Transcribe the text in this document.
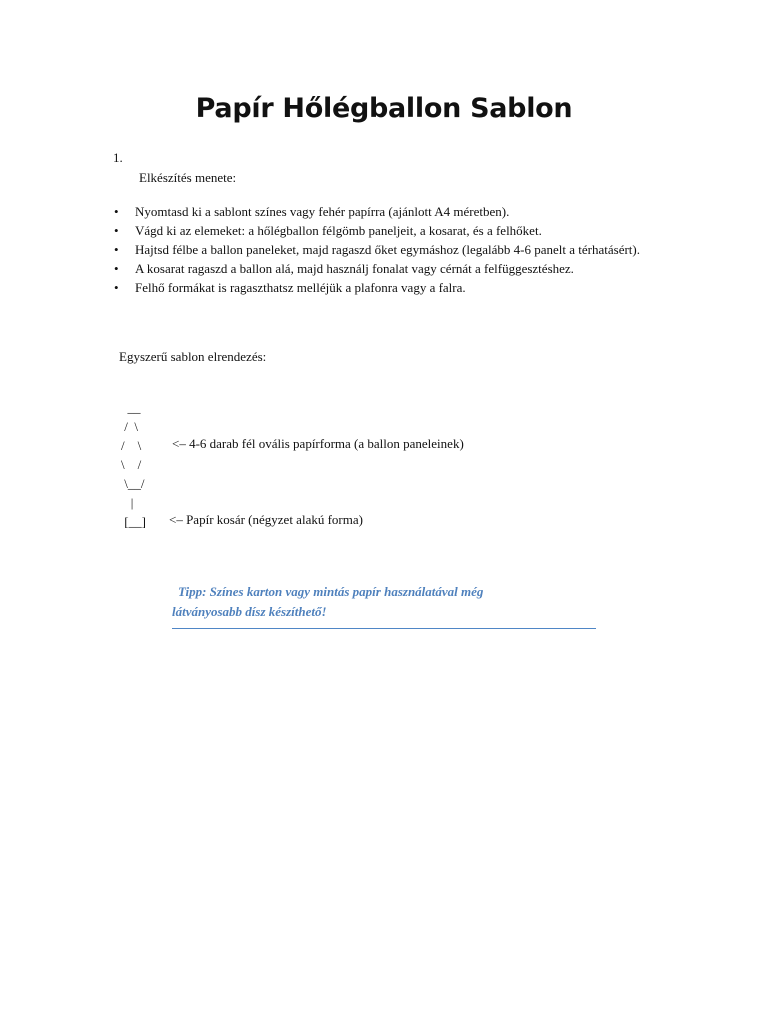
Papír Hőlégballon Sablon
1.
Elkészítés menete:
• Nyomtasd ki a sablont színes vagy fehér papírra (ajánlott A4 méretben).
• Vágd ki az elemeket: a hőlégballon félgömb paneljeit, a kosarat, és a felhőket.
• Hajtsd félbe a ballon paneleket, majd ragaszd őket egymáshoz (legalább 4-6 panelt a térhatásért).
• A kosarat ragaszd a ballon alá, majd használj fonalat vagy cérnát a felfüggesztéshez.
• Felhő formákat is ragaszthatsz melléjük a plafonra vagy a falra.
Egyszerű sablon elrendezés:
__
/  \
/    \
\    /
\__/
|
[__]
<– 4-6 darab fél ovális papírforma (a ballon paneleinek)
<– Papír kosár (négyzet alakú forma)
Tipp: Színes karton vagy mintás papír használatával még
látványosabb dísz készíthető!
